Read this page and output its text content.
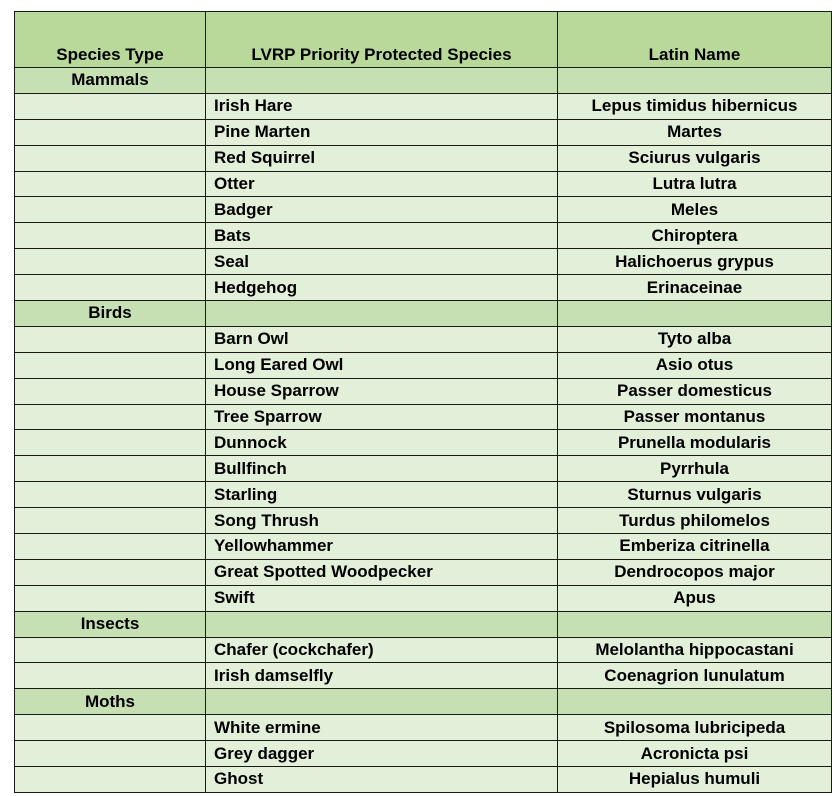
Species Type	LVRP Priority Protected Species	Latin Name
Mammals		
	Irish Hare	Lepus timidus hibernicus
	Pine Marten	Martes
	Red Squirrel	Sciurus vulgaris
	Otter	Lutra lutra
	Badger	Meles
	Bats	Chiroptera
	Seal	Halichoerus grypus
	Hedgehog	Erinaceinae
Birds		
	Barn Owl	Tyto alba
	Long Eared Owl	Asio otus
	House Sparrow	Passer domesticus
	Tree Sparrow	Passer montanus
	Dunnock	Prunella modularis
	Bullfinch	Pyrrhula
	Starling	Sturnus vulgaris
	Song Thrush	Turdus philomelos
	Yellowhammer	Emberiza citrinella
	Great Spotted Woodpecker	Dendrocopos major
	Swift	Apus
Insects		
	Chafer (cockchafer)	Melolantha hippocastani
	Irish damselfly	Coenagrion lunulatum
Moths		
	White ermine	Spilosoma lubricipeda
	Grey dagger	Acronicta psi
	Ghost	Hepialus humuli
